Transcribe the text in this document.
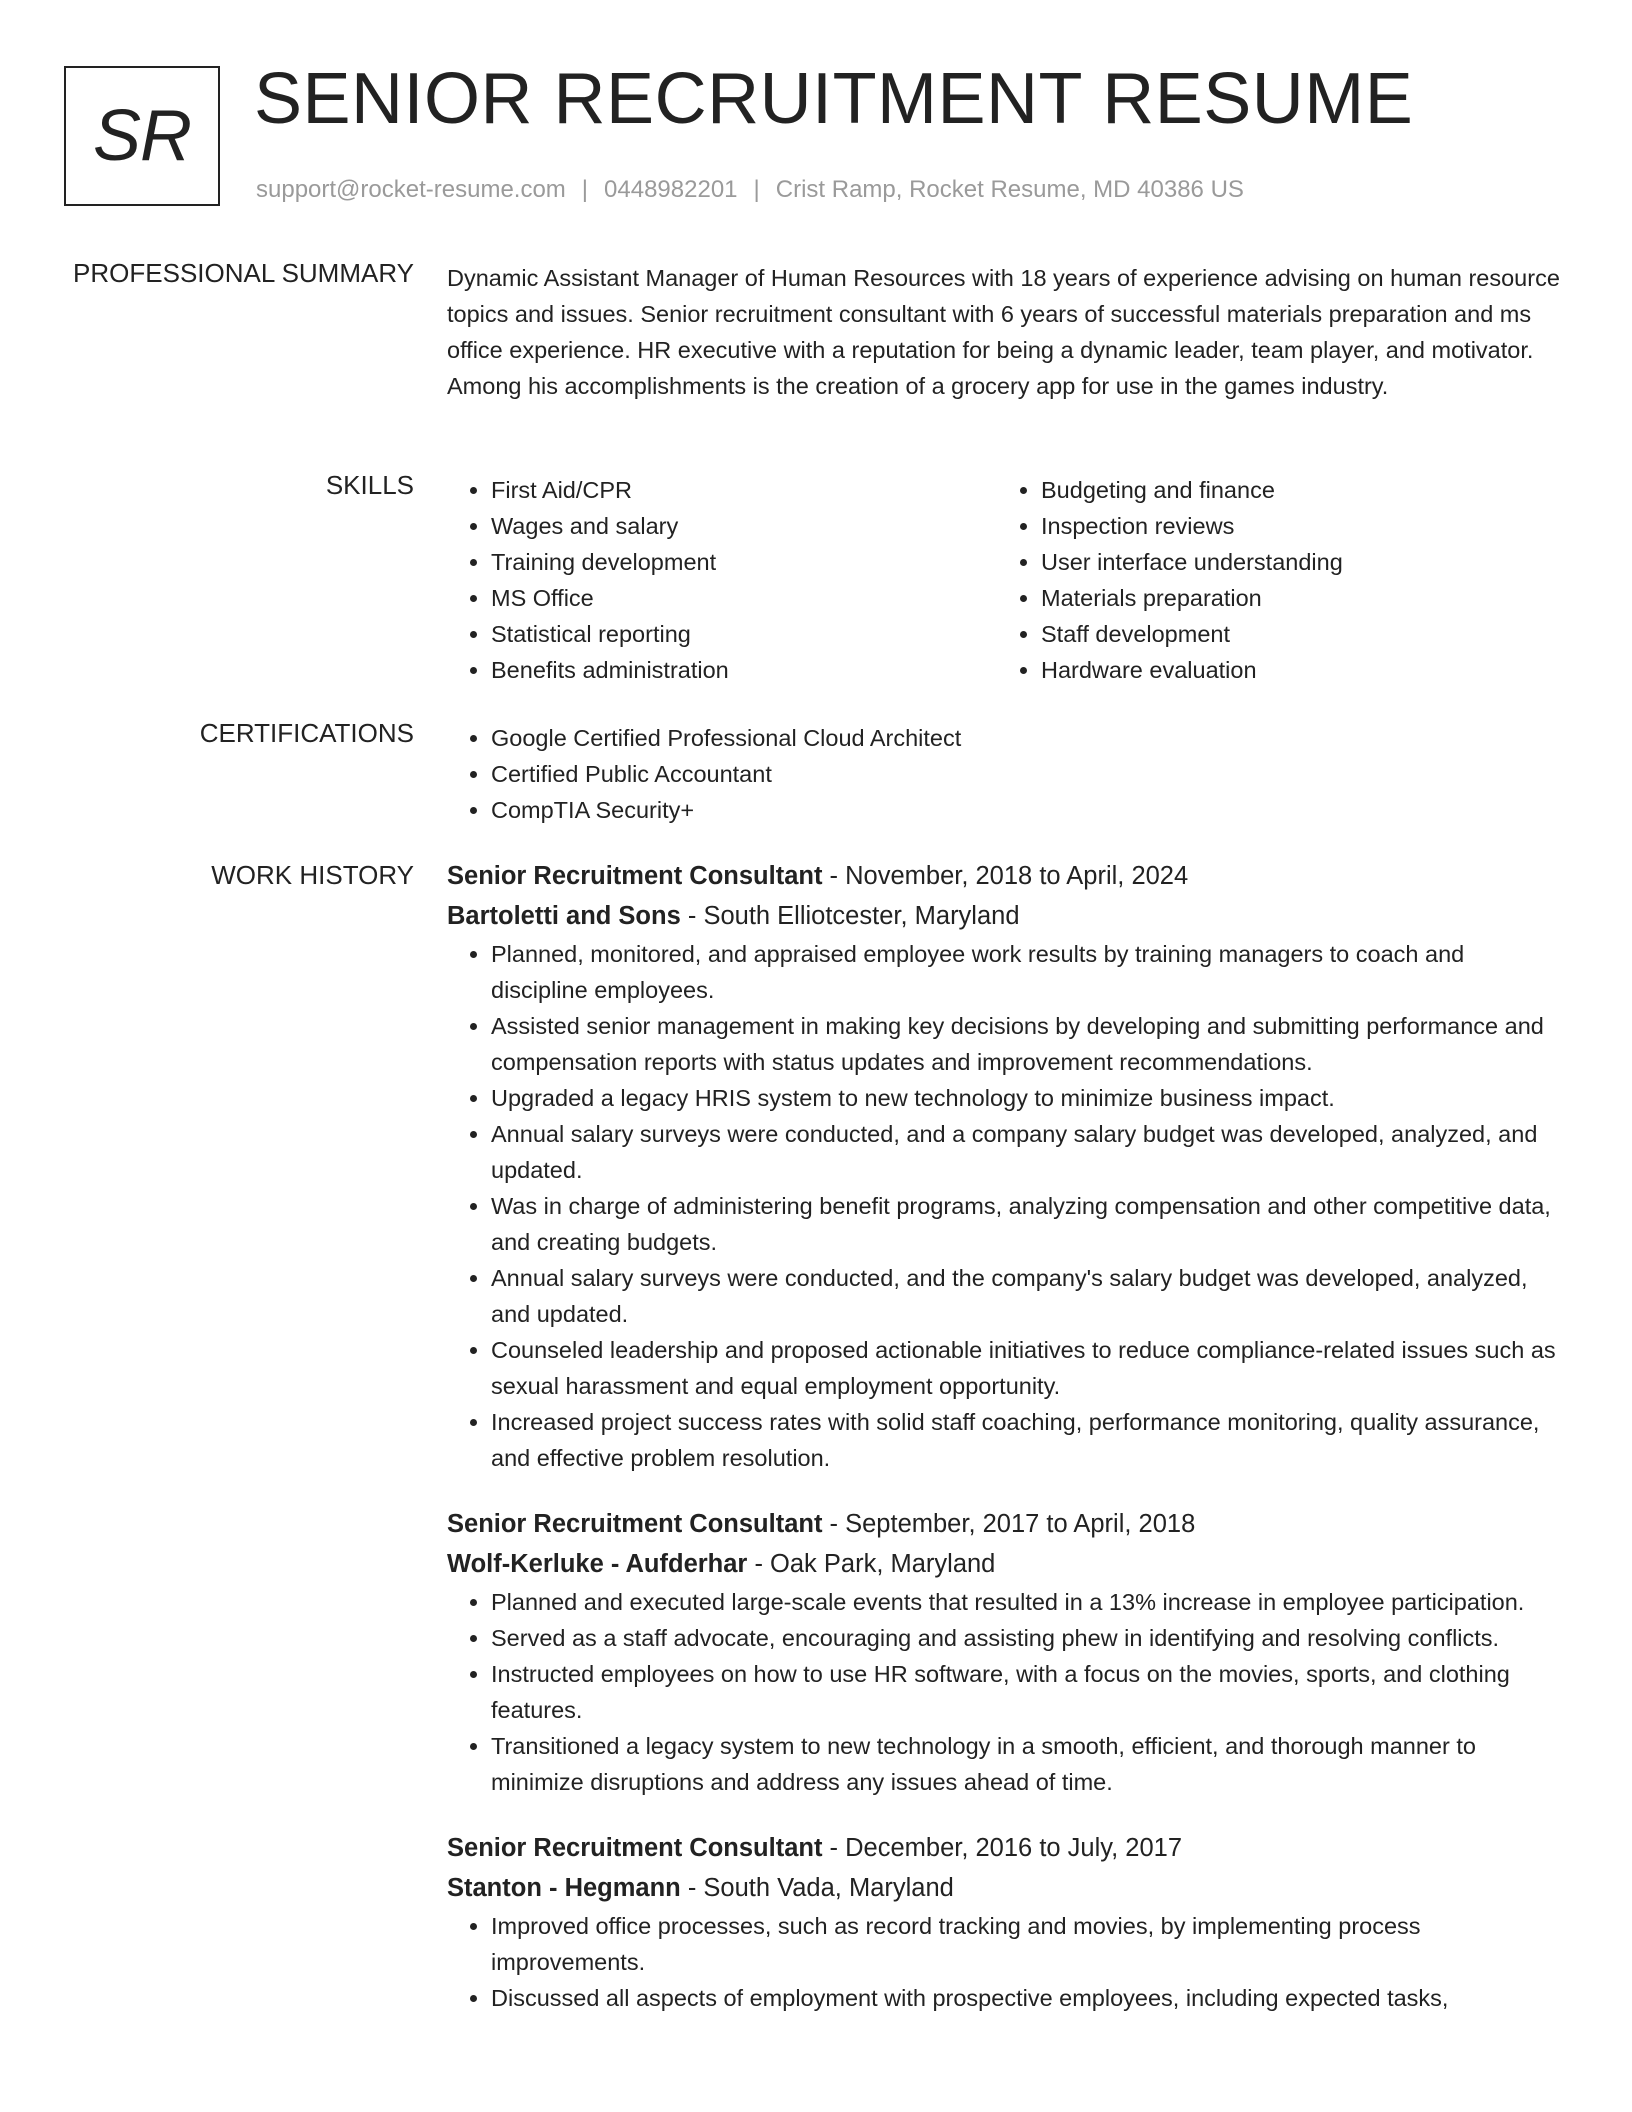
SR SENIOR RECRUITMENT RESUME
support@rocket-resume.com | 0448982201 | Crist Ramp, Rocket Resume, MD 40386 US
PROFESSIONAL SUMMARY Dynamic Assistant Manager of Human Resources with 18 years of experience advising on human resource topics and issues. Senior recruitment consultant with 6 years of successful materials preparation and ms office experience. HR executive with a reputation for being a dynamic leader, team player, and motivator. Among his accomplishments is the creation of a grocery app for use in the games industry.

SKILLS	• First Aid/CPR
• Wages and salary
• Training development
• MS Office
• Statistical reporting
• Benefits administration
• Budgeting and finance
• Inspection reviews
• User interface understanding
• Materials preparation
• Staff development
• Hardware evaluation
CERTIFICATIONS	• Google Certified Professional Cloud Architect
• Certified Public Accountant
• CompTIA Security+
WORK HISTORY Senior Recruitment Consultant - November, 2018 to April, 2024
Bartoletti and Sons - South Elliotcester, Maryland
• Planned, monitored, and appraised employee work results by training managers to coach and discipline employees.
• Assisted senior management in making key decisions by developing and submitting performance and compensation reports with status updates and improvement recommendations.
• Upgraded a legacy HRIS system to new technology to minimize business impact.
• Annual salary surveys were conducted, and a company salary budget was developed, analyzed, and updated.
• Was in charge of administering benefit programs, analyzing compensation and other competitive data, and creating budgets.
• Annual salary surveys were conducted, and the company's salary budget was developed, analyzed, and updated.
• Counseled leadership and proposed actionable initiatives to reduce compliance-related issues such as sexual harassment and equal employment opportunity.
• Increased project success rates with solid staff coaching, performance monitoring, quality assurance, and effective problem resolution.
Senior Recruitment Consultant - September, 2017 to April, 2018
Wolf-Kerluke - Aufderhar - Oak Park, Maryland
• Planned and executed large-scale events that resulted in a 13% increase in employee participation.
• Served as a staff advocate, encouraging and assisting phew in identifying and resolving conflicts.
• Instructed employees on how to use HR software, with a focus on the movies, sports, and clothing features.
• Transitioned a legacy system to new technology in a smooth, efficient, and thorough manner to minimize disruptions and address any issues ahead of time.
Senior Recruitment Consultant - December, 2016 to July, 2017
Stanton - Hegmann - South Vada, Maryland
• Improved office processes, such as record tracking and movies, by implementing process improvements.
• Discussed all aspects of employment with prospective employees, including expected tasks,
